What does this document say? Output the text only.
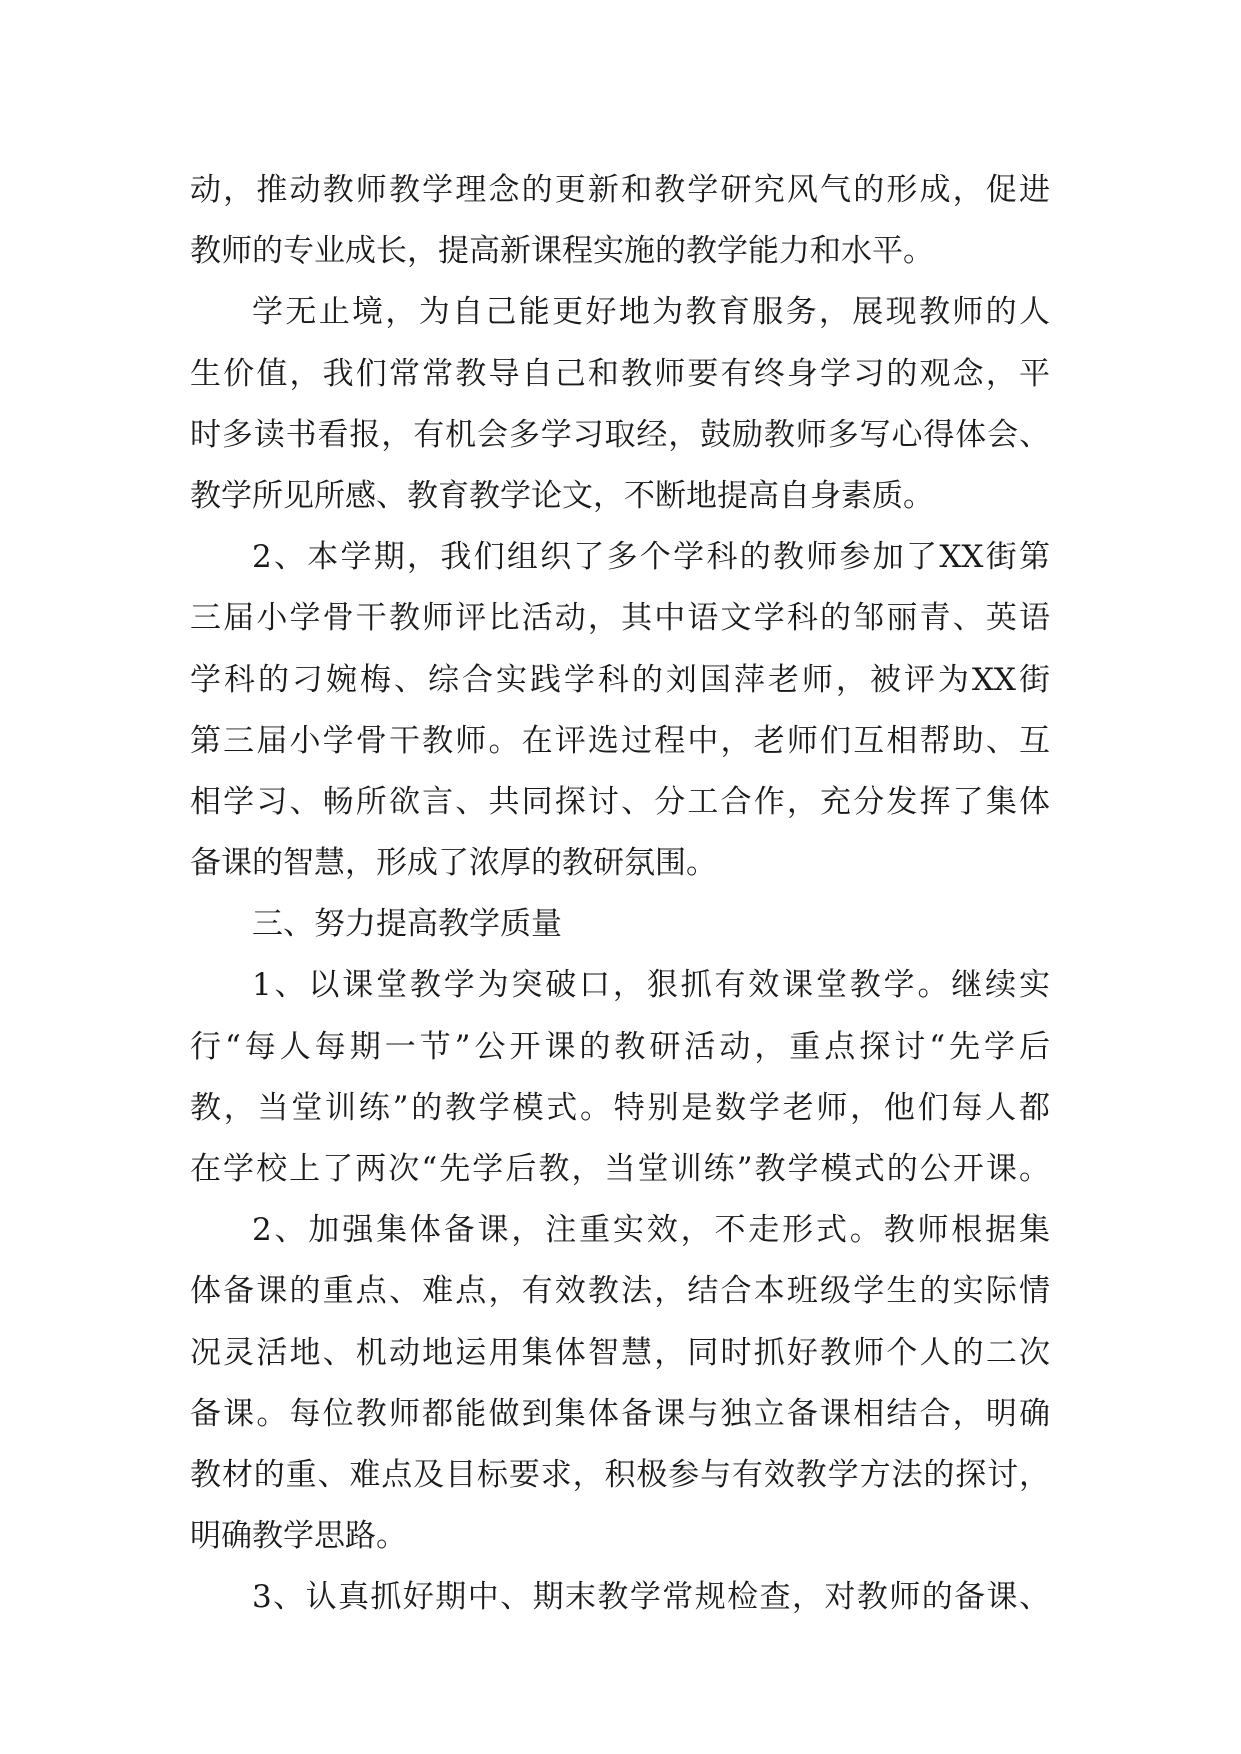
动，推动教师教学理念的更新和教学研究风气的形成，促进
教师的专业成长，提高新课程实施的教学能力和水平。
学无止境，为自己能更好地为教育服务，展现教师的人
生价值，我们常常教导自己和教师要有终身学习的观念，平
时多读书看报，有机会多学习取经，鼓励教师多写心得体会、
教学所见所感、教育教学论文，不断地提高自身素质。
2、本学期，我们组织了多个学科的教师参加了XX街第
三届小学骨干教师评比活动，其中语文学科的邹丽青、英语
学科的刁婉梅、综合实践学科的刘国萍老师，被评为XX街
第三届小学骨干教师。在评选过程中，老师们互相帮助、互
相学习、畅所欲言、共同探讨、分工合作，充分发挥了集体
备课的智慧，形成了浓厚的教研氛围。
三、努力提高教学质量
1、以课堂教学为突破口，狠抓有效课堂教学。继续实
行“每人每期一节”公开课的教研活动，重点探讨“先学后
教，当堂训练”的教学模式。特别是数学老师，他们每人都
在学校上了两次“先学后教，当堂训练”教学模式的公开课。
2、加强集体备课，注重实效，不走形式。教师根据集
体备课的重点、难点，有效教法，结合本班级学生的实际情
况灵活地、机动地运用集体智慧，同时抓好教师个人的二次
备课。每位教师都能做到集体备课与独立备课相结合，明确
教材的重、难点及目标要求，积极参与有效教学方法的探讨，
明确教学思路。
3、认真抓好期中、期末教学常规检查，对教师的备课、
